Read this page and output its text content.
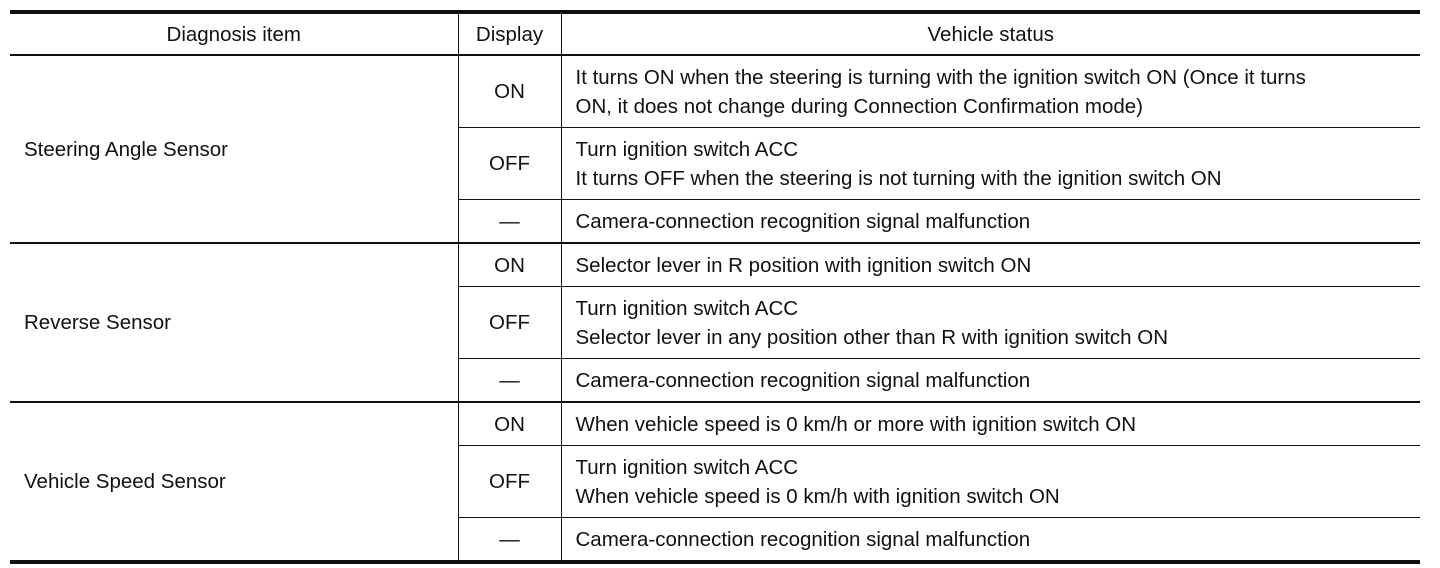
Diagnosis item	Display	Vehicle status
Steering Angle Sensor	ON	It turns ON when the steering is turning with the ignition switch ON (Once it turns
ON, it does not change during Connection Confirmation mode)

	OFF	Turn ignition switch ACC
It turns OFF when the steering is not turning with the ignition switch ON

	—	Camera-connection recognition signal malfunction

Reverse Sensor	ON	Selector lever in R position with ignition switch ON

	OFF	Turn ignition switch ACC
Selector lever in any position other than R with ignition switch ON

	—	Camera-connection recognition signal malfunction

Vehicle Speed Sensor	ON	When vehicle speed is 0 km/h or more with ignition switch ON

	OFF	Turn ignition switch ACC
When vehicle speed is 0 km/h with ignition switch ON

	—	Camera-connection recognition signal malfunction
